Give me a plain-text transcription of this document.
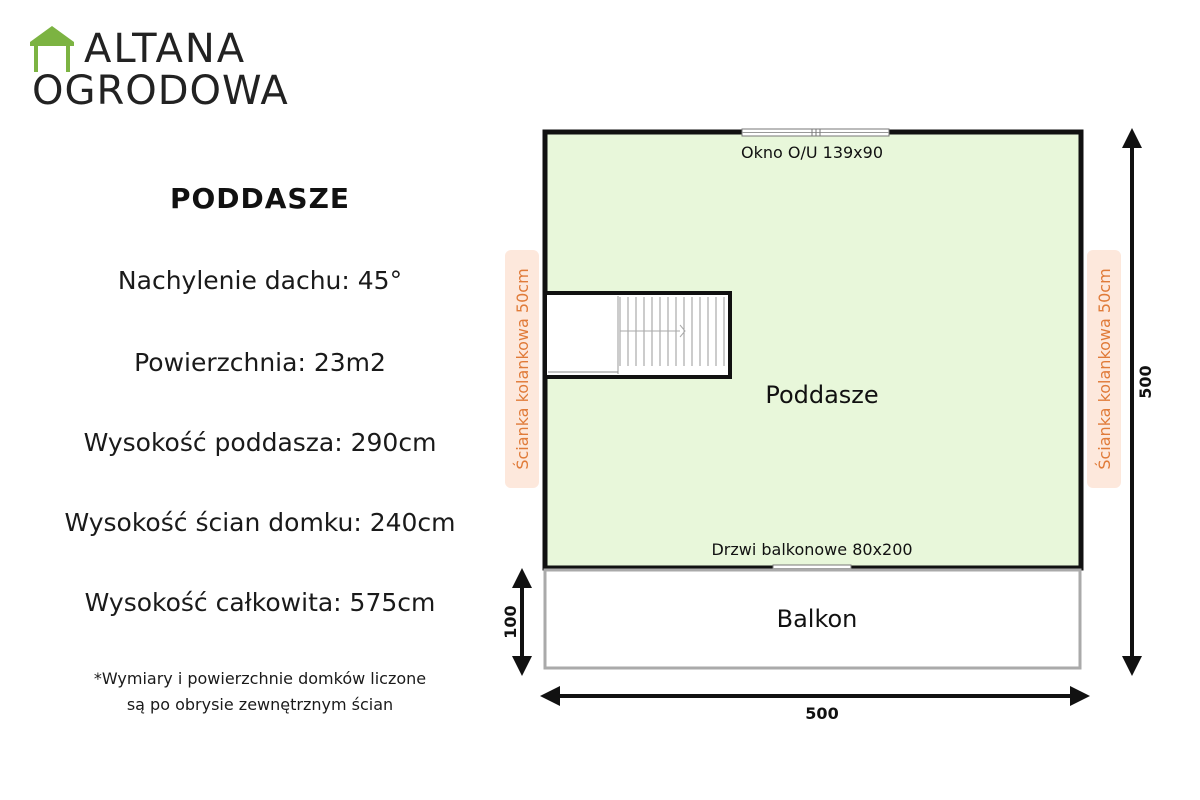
ALTANA
OGRODOWA
PODDASZE
Nachylenie dachu: 45°
Powierzchnia: 23m2
Wysokość poddasza: 290cm
Wysokość ścian domku: 240cm
Wysokość całkowita: 575cm
*Wymiary i powierzchnie domków liczone
są po obrysie zewnętrznym ścian
Okno O/U 139x90
Poddasze
Drzwi balkonowe 80x200
Balkon
Ścianka kolankowa 50cm	Ścianka kolankowa 50cm
500
500
100
